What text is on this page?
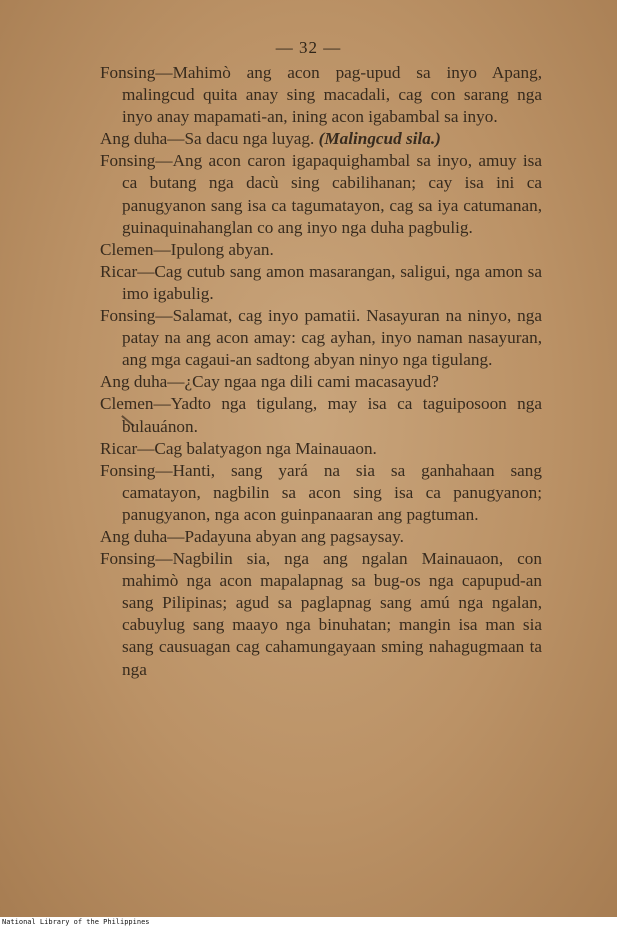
— 32 —

Fonsing—Mahimò ang acon pag-upud sa inyo Apang, malingcud quita anay sing macadali, cag con sarang nga inyo anay mapamati-an, ining acon igabambal sa inyo.

Ang duha—Sa dacu nga luyag. (Malingcud sila.)

Fonsing—Ang acon caron igapaquighambal sa inyo, amuy isa ca butang nga dacù sing cabilihanan; cay isa ini ca panugyanon sang isa ca tagumatayon, cag sa iya catumanan, guinaquinahanglan co ang inyo nga duha pagbulig.

Clemen—Ipulong abyan.

Ricar—Cag cutub sang amon masarangan, saligui, nga amon sa imo igabulig.

Fonsing—Salamat, cag inyo pamatii. Nasayuran na ninyo, nga patay na ang acon amay: cag ayhan, inyo naman nasayuran, ang mga cagaui-an sadtong abyan ninyo nga tigulang.

Ang duha—¿Cay ngaa nga dili cami macasayud?

Clemen—Yadto nga tigulang, may isa ca taguiposoon nga bulauánon.

Ricar—Cag balatyagon nga Mainauaon.

Fonsing—Hanti, sang yará na sia sa ganhahaan sang camatayon, nagbilin sa acon sing isa ca panugyanon; panugyanon, nga acon guinpanaaran ang pagtuman.

Ang duha—Padayuna abyan ang pagsaysay.

Fonsing—Nagbilin sia, nga ang ngalan Mainauaon, con mahimò nga acon mapalapnag sa bug-os nga capupud-an sang Pilipinas; agud sa paglapnag sang amú nga ngalan, cabuylug sang maayo nga binuhatan; mangin isa man sia sang causuagan cag cahamungayaan sming nahagugmaan ta nga

National Library of the Philippines
